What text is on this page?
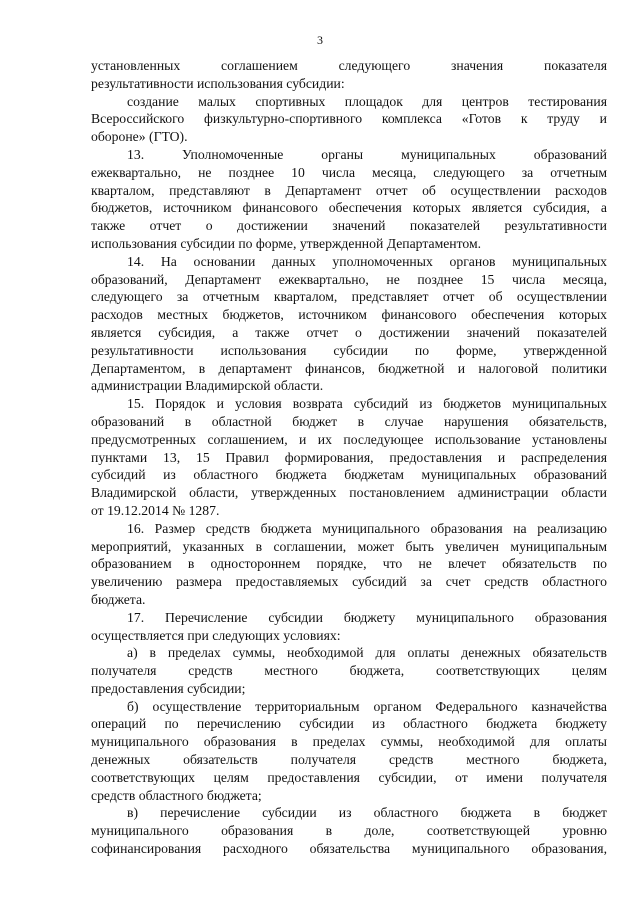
3

установленных соглашением следующего значения показателя
результативности использования субсидии:

создание малых спортивных площадок для центров тестирования
Всероссийского физкультурно-спортивного комплекса «Готов к труду и
обороне» (ГТО).

13. Уполномоченные органы муниципальных образований
ежеквартально, не позднее 10 числа месяца, следующего за отчетным
кварталом, представляют в Департамент отчет об осуществлении расходов
бюджетов, источником финансового обеспечения которых является субсидия, а
также отчет о достижении значений показателей результативности
использования субсидии по форме, утвержденной Департаментом.

14. На основании данных уполномоченных органов муниципальных
образований, Департамент ежеквартально, не позднее 15 числа месяца,
следующего за отчетным кварталом, представляет отчет об осуществлении
расходов местных бюджетов, источником финансового обеспечения которых
является субсидия, а также отчет о достижении значений показателей
результативности использования субсидии по форме, утвержденной
Департаментом, в департамент финансов, бюджетной и налоговой политики
администрации Владимирской области.

15. Порядок и условия возврата субсидий из бюджетов муниципальных
образований в областной бюджет в случае нарушения обязательств,
предусмотренных соглашением, и их последующее использование установлены
пунктами 13, 15 Правил формирования, предоставления и распределения
субсидий из областного бюджета бюджетам муниципальных образований
Владимирской области, утвержденных постановлением администрации области
от 19.12.2014 № 1287.

16. Размер средств бюджета муниципального образования на реализацию
мероприятий, указанных в соглашении, может быть увеличен муниципальным
образованием в одностороннем порядке, что не влечет обязательств по
увеличению размера предоставляемых субсидий за счет средств областного
бюджета.

17. Перечисление субсидии бюджету муниципального образования
осуществляется при следующих условиях:

а) в пределах суммы, необходимой для оплаты денежных обязательств
получателя средств местного бюджета, соответствующих целям
предоставления субсидии;

б) осуществление территориальным органом Федерального казначейства
операций по перечислению субсидии из областного бюджета бюджету
муниципального образования в пределах суммы, необходимой для оплаты
денежных обязательств получателя средств местного бюджета,
соответствующих целям предоставления субсидии, от имени получателя
средств областного бюджета;

в) перечисление субсидии из областного бюджета в бюджет
муниципального образования в доле, соответствующей уровню
софинансирования расходного обязательства муниципального образования,
